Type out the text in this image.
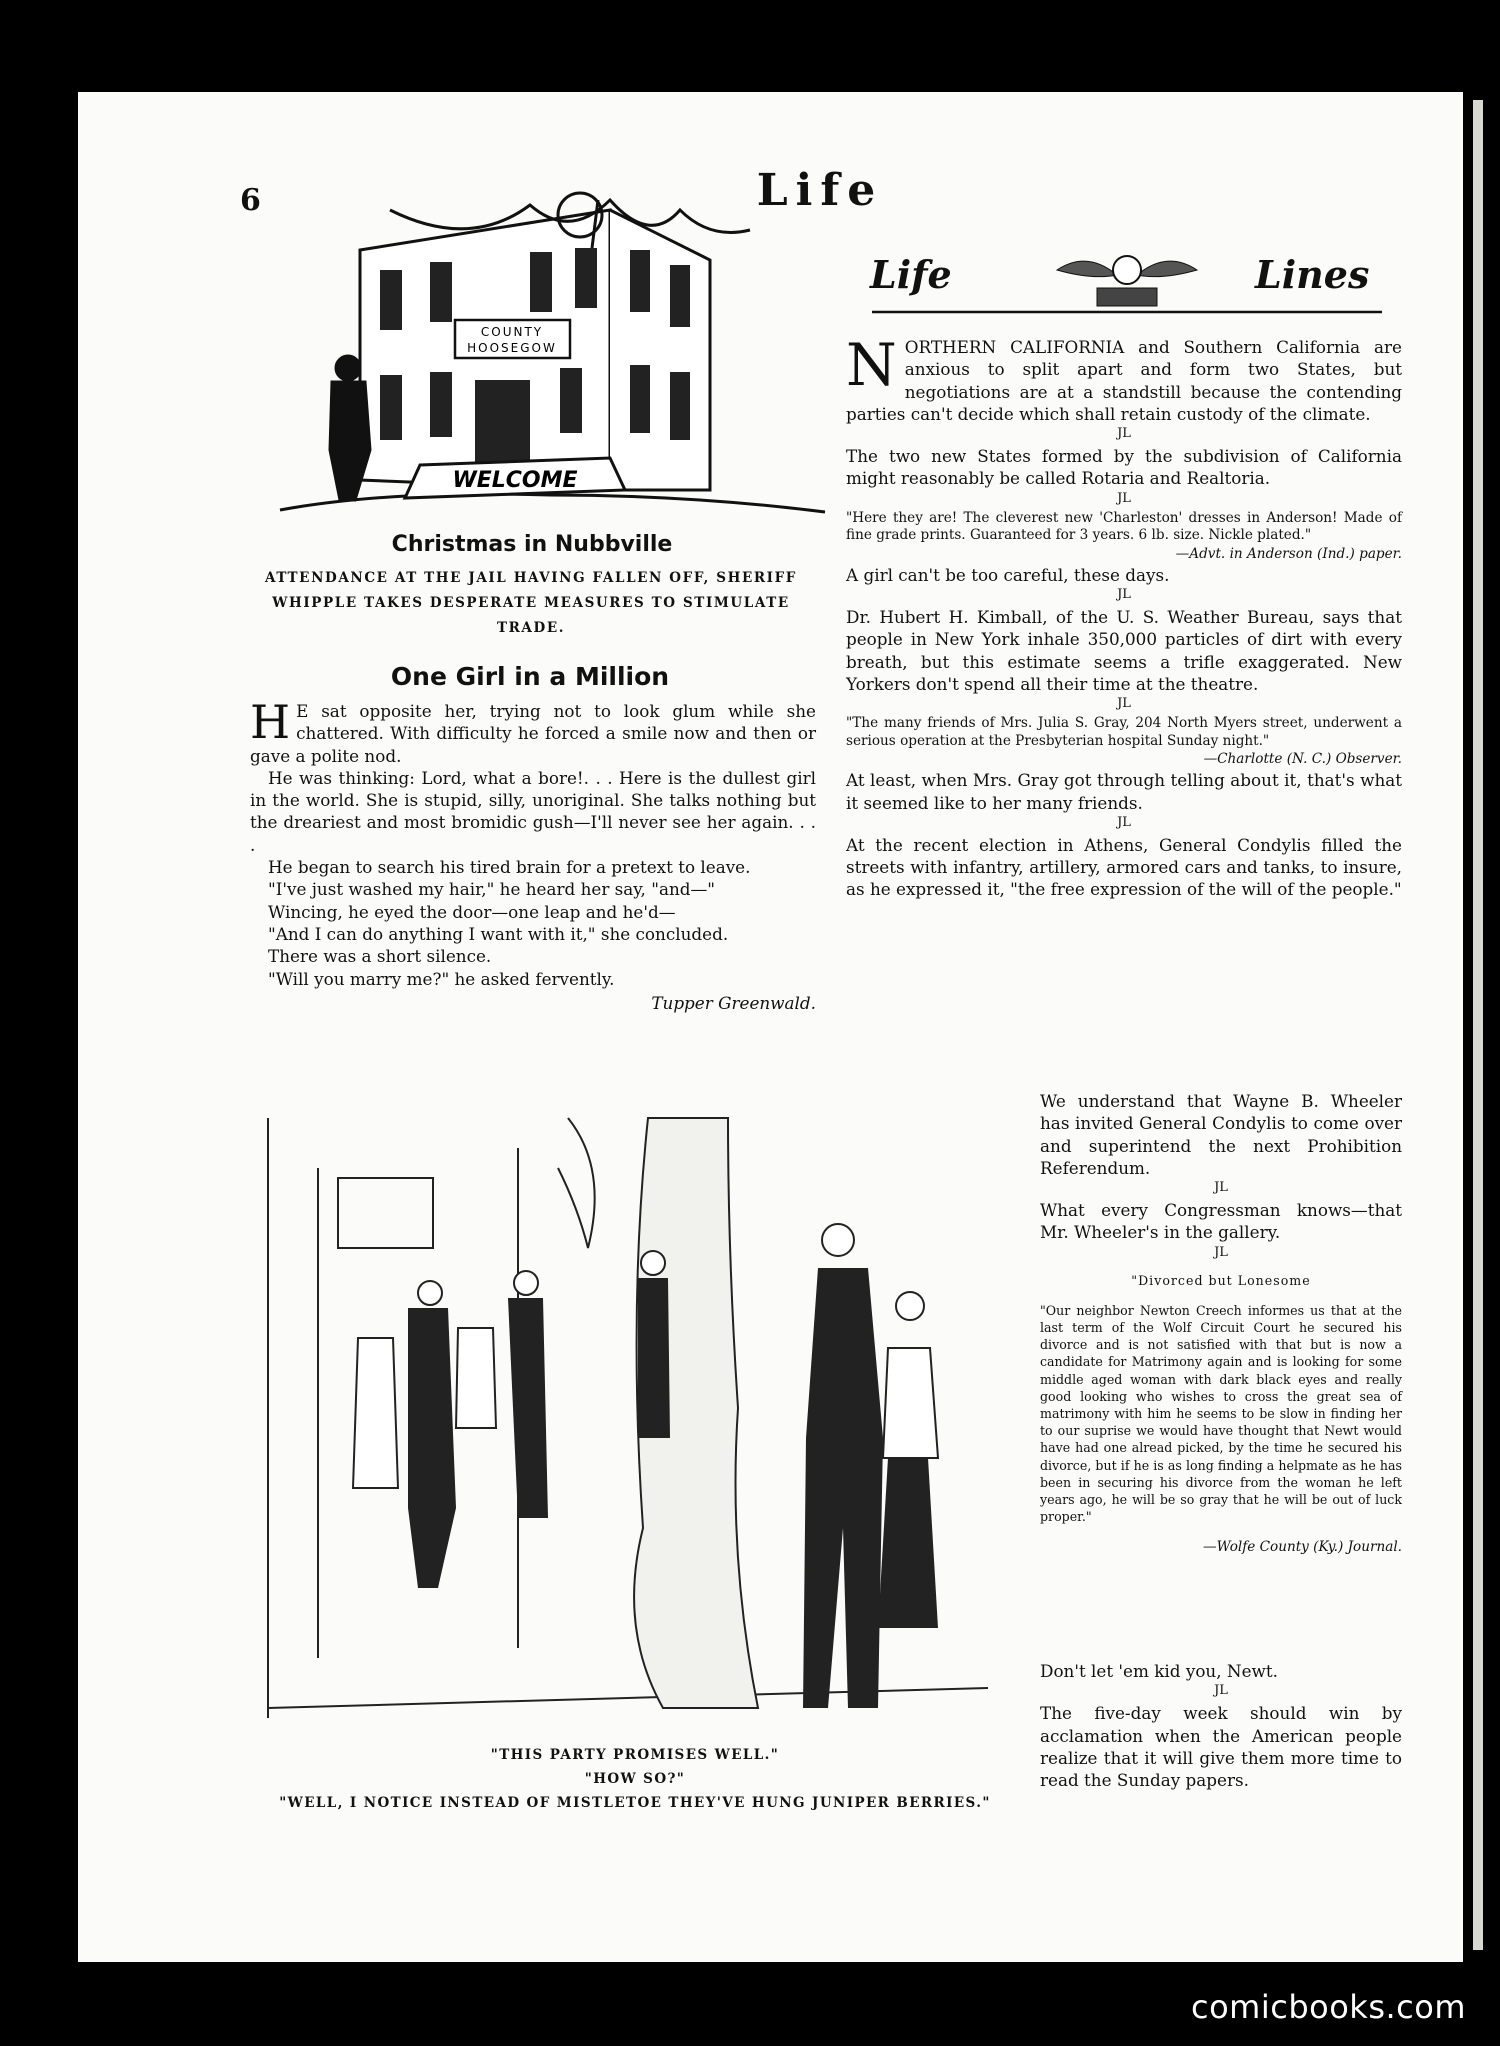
6	Life
COUNTY
HOOSEGOW
WELCOME
Christmas in Nubbville
ATTENDANCE AT THE JAIL HAVING FALLEN OFF, SHERIFF WHIPPLE TAKES DESPERATE MEASURES TO STIMULATE TRADE.
One Girl in a Million

H E sat opposite her, trying not to look glum while she chattered. With difficulty he forced a smile now and then or gave a polite nod.

He was thinking: Lord, what a bore!. . . Here is the dullest girl in the world. She is stupid, silly, unoriginal. She talks nothing but the dreariest and most bromidic gush—I'll never see her again. . . .

He began to search his tired brain for a pretext to leave.

"I've just washed my hair," he heard her say, "and—"

Wincing, he eyed the door—one leap and he'd—

"And I can do anything I want with it," she concluded.

There was a short silence.

"Will you marry me?" he asked fervently.

Tupper Greenwald.
"THIS PARTY PROMISES WELL."
"HOW SO?"
"WELL, I NOTICE INSTEAD OF MISTLETOE THEY'VE HUNG JUNIPER BERRIES."
Life	Lines

NORTHERN CALIFORNIA and Southern California are anxious to split apart and form two States, but negotiations are at a standstill because the contending parties can't decide which shall retain custody of the climate.

JL

The two new States formed by the subdivision of California might reasonably be called Rotaria and Realtoria.

JL

"Here they are! The cleverest new 'Charleston' dresses in Anderson! Made of fine grade prints. Guaranteed for 3 years. 6 lb. size. Nickle plated."

—Advt. in Anderson (Ind.) paper.

A girl can't be too careful, these days.

JL

Dr. Hubert H. Kimball, of the U. S. Weather Bureau, says that people in New York inhale 350,000 particles of dirt with every breath, but this estimate seems a trifle exaggerated. New Yorkers don't spend all their time at the theatre.

JL

"The many friends of Mrs. Julia S. Gray, 204 North Myers street, underwent a serious operation at the Presbyterian hospital Sunday night."

—Charlotte (N. C.) Observer.

At least, when Mrs. Gray got through telling about it, that's what it seemed like to her many friends.

JL

At the recent election in Athens, General Condylis filled the streets with infantry, artillery, armored cars and tanks, to insure, as he expressed it, "the free expression of the will of the people."

We understand that Wayne B. Wheeler has invited General Condylis to come over and superintend the next Prohibition Referendum.

JL

What every Congressman knows—that Mr. Wheeler's in the gallery.

JL
"Divorced but Lonesome

"Our neighbor Newton Creech informes us that at the last term of the Wolf Circuit Court he secured his divorce and is not satisfied with that but is now a candidate for Matrimony again and is looking for some middle aged woman with dark black eyes and really good looking who wishes to cross the great sea of matrimony with him he seems to be slow in finding her to our suprise we would have thought that Newt would have had one alread picked, by the time he secured his divorce, but if he is as long finding a helpmate as he has been in securing his divorce from the woman he left years ago, he will be so gray that he will be out of luck proper."

—Wolfe County (Ky.) Journal.

Don't let 'em kid you, Newt.

JL

The five-day week should win by acclamation when the American people realize that it will give them more time to read the Sunday papers.

comicbooks.com
